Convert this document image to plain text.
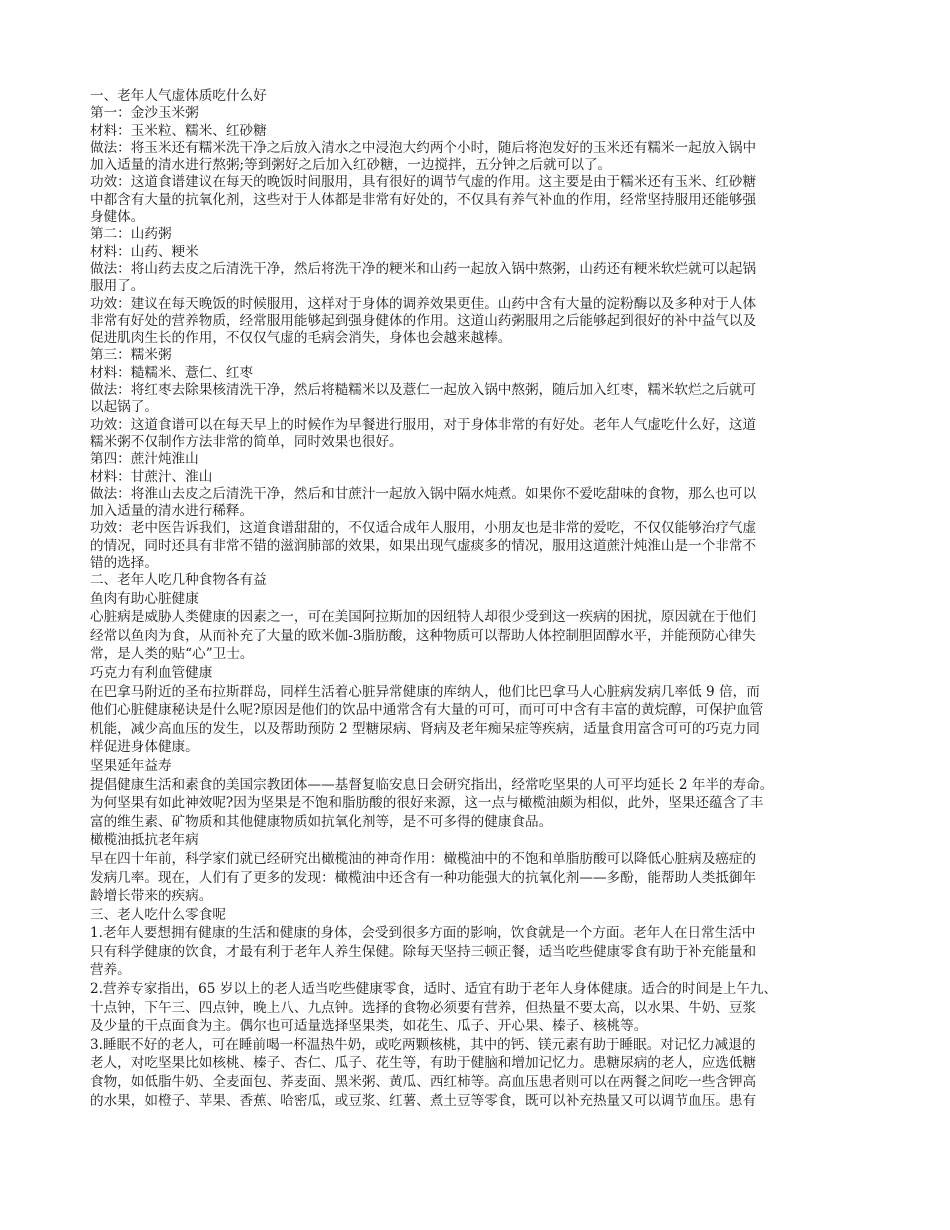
一、老年人气虚体质吃什么好
第一：金沙玉米粥
材料：玉米粒、糯米、红砂糖
做法：将玉米还有糯米洗干净之后放入清水之中浸泡大约两个小时，随后将泡发好的玉米还有糯米一起放入锅中
加入适量的清水进行熬粥;等到粥好之后加入红砂糖，一边搅拌，五分钟之后就可以了。
功效：这道食谱建议在每天的晚饭时间服用，具有很好的调节气虚的作用。这主要是由于糯米还有玉米、红砂糖
中都含有大量的抗氧化剂，这些对于人体都是非常有好处的，不仅具有养气补血的作用，经常坚持服用还能够强
身健体。
第二：山药粥
材料：山药、粳米
做法：将山药去皮之后清洗干净，然后将洗干净的粳米和山药一起放入锅中熬粥，山药还有粳米软烂就可以起锅
服用了。
功效：建议在每天晚饭的时候服用，这样对于身体的调养效果更佳。山药中含有大量的淀粉酶以及多种对于人体
非常有好处的营养物质，经常服用能够起到强身健体的作用。这道山药粥服用之后能够起到很好的补中益气以及
促进肌肉生长的作用，不仅仅气虚的毛病会消失，身体也会越来越棒。
第三：糯米粥
材料：糙糯米、薏仁、红枣
做法：将红枣去除果核清洗干净，然后将糙糯米以及薏仁一起放入锅中熬粥，随后加入红枣，糯米软烂之后就可
以起锅了。
功效：这道食谱可以在每天早上的时候作为早餐进行服用，对于身体非常的有好处。老年人气虚吃什么好，这道
糯米粥不仅制作方法非常的简单，同时效果也很好。
第四：蔗汁炖淮山
材料：甘蔗汁、淮山
做法：将淮山去皮之后清洗干净，然后和甘蔗汁一起放入锅中隔水炖煮。如果你不爱吃甜味的食物，那么也可以
加入适量的清水进行稀释。
功效：老中医告诉我们，这道食谱甜甜的，不仅适合成年人服用，小朋友也是非常的爱吃，不仅仅能够治疗气虚
的情况，同时还具有非常不错的滋润肺部的效果，如果出现气虚痰多的情况，服用这道蔗汁炖淮山是一个非常不
错的选择。
二、老年人吃几种食物各有益
鱼肉有助心脏健康
心脏病是威胁人类健康的因素之一，可在美国阿拉斯加的因纽特人却很少受到这一疾病的困扰，原因就在于他们
经常以鱼肉为食，从而补充了大量的欧米伽-3脂肪酸，这种物质可以帮助人体控制胆固醇水平，并能预防心律失
常，是人类的贴“心”卫士。
巧克力有利血管健康
在巴拿马附近的圣布拉斯群岛，同样生活着心脏异常健康的库纳人，他们比巴拿马人心脏病发病几率低 9 倍，而
他们心脏健康秘诀是什么呢?原因是他们的饮品中通常含有大量的可可，而可可中含有丰富的黄烷醇，可保护血管
机能，减少高血压的发生，以及帮助预防 2 型糖尿病、肾病及老年痴呆症等疾病，适量食用富含可可的巧克力同
样促进身体健康。
坚果延年益寿
提倡健康生活和素食的美国宗教团体——基督复临安息日会研究指出，经常吃坚果的人可平均延长 2 年半的寿命。
为何坚果有如此神效呢?因为坚果是不饱和脂肪酸的很好来源，这一点与橄榄油颇为相似，此外，坚果还蕴含了丰
富的维生素、矿物质和其他健康物质如抗氧化剂等，是不可多得的健康食品。
橄榄油抵抗老年病
早在四十年前，科学家们就已经研究出橄榄油的神奇作用：橄榄油中的不饱和单脂肪酸可以降低心脏病及癌症的
发病几率。现在，人们有了更多的发现：橄榄油中还含有一种功能强大的抗氧化剂——多酚，能帮助人类抵御年
龄增长带来的疾病。
三、老人吃什么零食呢
1.老年人要想拥有健康的生活和健康的身体，会受到很多方面的影响，饮食就是一个方面。老年人在日常生活中
只有科学健康的饮食，才最有利于老年人养生保健。除每天坚持三顿正餐，适当吃些健康零食有助于补充能量和
营养。
2.营养专家指出，65 岁以上的老人适当吃些健康零食，适时、适宜有助于老年人身体健康。适合的时间是上午九、
十点钟，下午三、四点钟，晚上八、九点钟。选择的食物必须要有营养，但热量不要太高，以水果、牛奶、豆浆
及少量的干点面食为主。偶尔也可适量选择坚果类，如花生、瓜子、开心果、榛子、核桃等。
3.睡眠不好的老人，可在睡前喝一杯温热牛奶，或吃两颗核桃，其中的钙、镁元素有助于睡眠。对记忆力减退的
老人，对吃坚果比如核桃、榛子、杏仁、瓜子、花生等，有助于健脑和增加记忆力。患糖尿病的老人，应选低糖
食物，如低脂牛奶、全麦面包、荞麦面、黑米粥、黄瓜、西红柿等。高血压患者则可以在两餐之间吃一些含钾高
的水果，如橙子、苹果、香蕉、哈密瓜，或豆浆、红薯、煮土豆等零食，既可以补充热量又可以调节血压。患有
